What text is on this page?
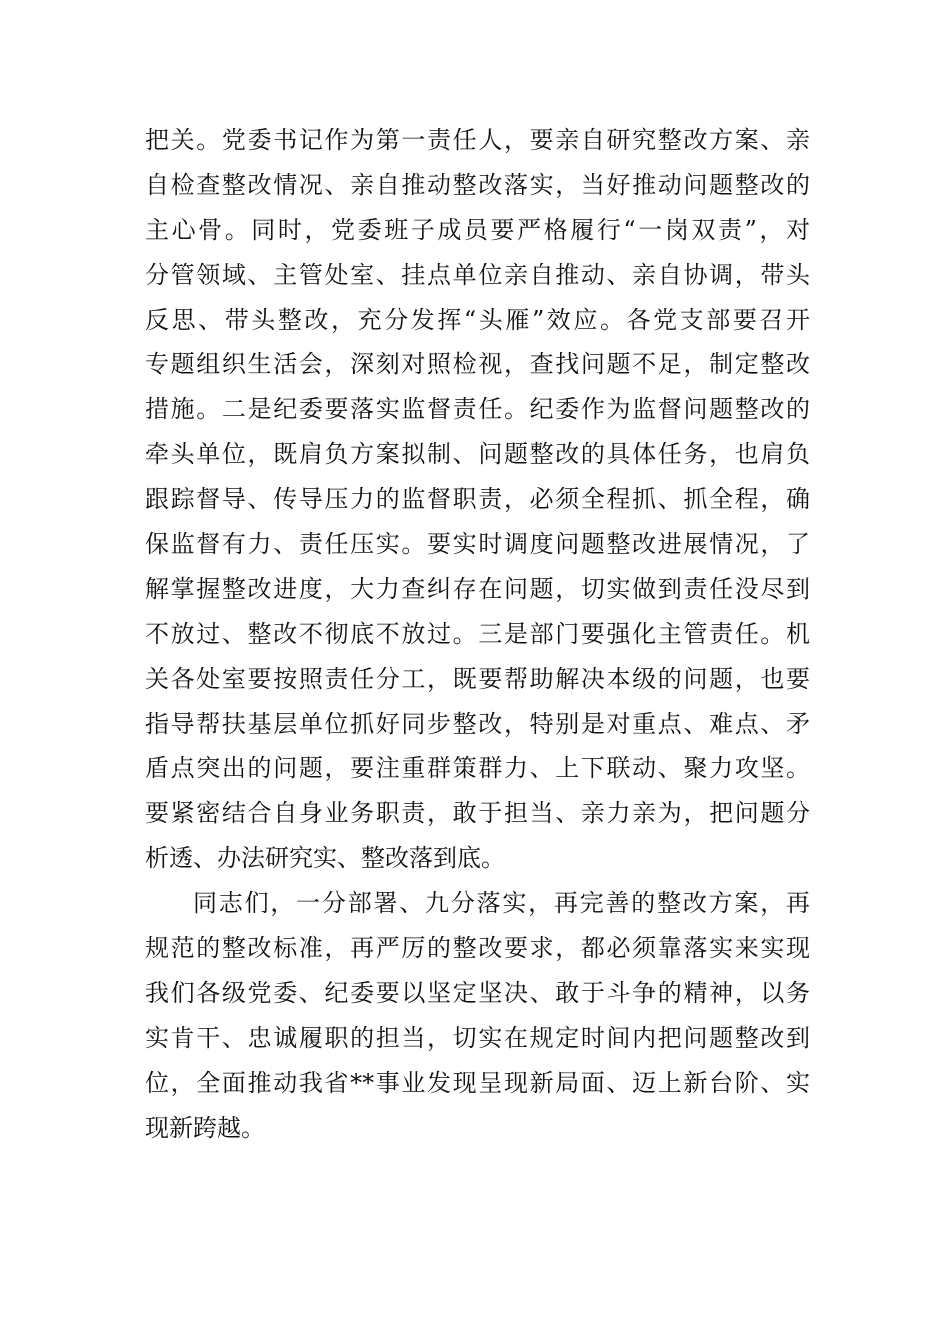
把关。党委书记作为第一责任人，要亲自研究整改方案、亲
自检查整改情况、亲自推动整改落实，当好推动问题整改的
主心骨。同时，党委班子成员要严格履行“一岗双责”，对
分管领域、主管处室、挂点单位亲自推动、亲自协调，带头
反思、带头整改，充分发挥“头雁”效应。各党支部要召开
专题组织生活会，深刻对照检视，查找问题不足，制定整改
措施。二是纪委要落实监督责任。纪委作为监督问题整改的
牵头单位，既肩负方案拟制、问题整改的具体任务，也肩负
跟踪督导、传导压力的监督职责，必须全程抓、抓全程，确
保监督有力、责任压实。要实时调度问题整改进展情况，了
解掌握整改进度，大力查纠存在问题，切实做到责任没尽到
不放过、整改不彻底不放过。三是部门要强化主管责任。机
关各处室要按照责任分工，既要帮助解决本级的问题，也要
指导帮扶基层单位抓好同步整改，特别是对重点、难点、矛
盾点突出的问题，要注重群策群力、上下联动、聚力攻坚。
要紧密结合自身业务职责，敢于担当、亲力亲为，把问题分
析透、办法研究实、整改落到底。
同志们，一分部署、九分落实，再完善的整改方案，再
规范的整改标准，再严厉的整改要求，都必须靠落实来实现
我们各级党委、纪委要以坚定坚决、敢于斗争的精神，以务
实肯干、忠诚履职的担当，切实在规定时间内把问题整改到
位，全面推动我省**事业发现呈现新局面、迈上新台阶、实
现新跨越。
